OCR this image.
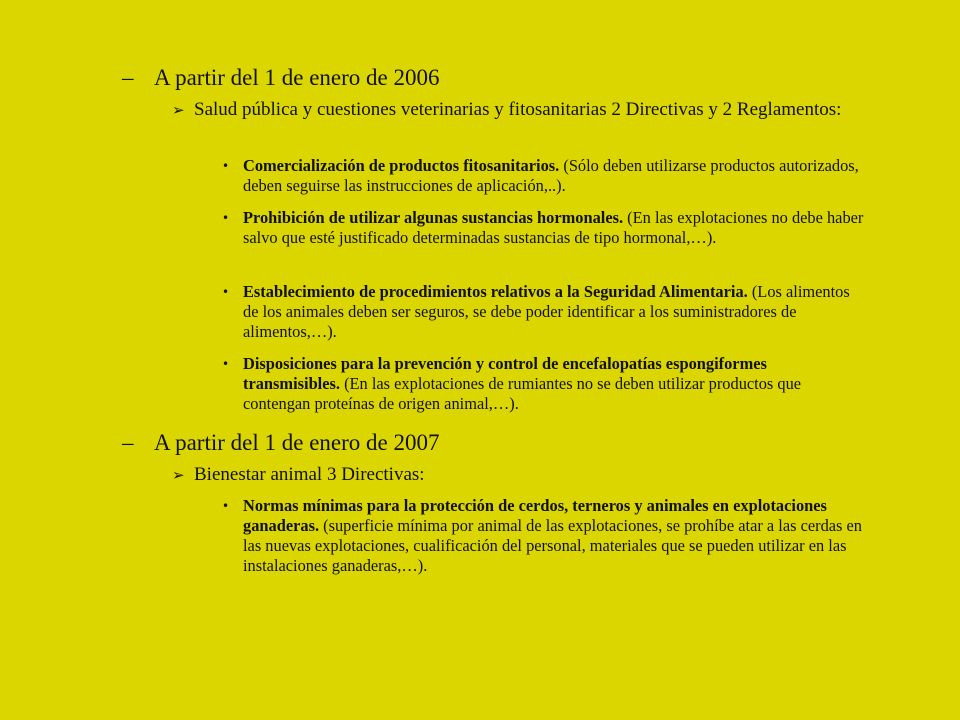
– A partir del 1 de enero de 2006
➢ Salud pública y cuestiones veterinarias y fitosanitarias 2 Directivas y 2 Reglamentos:
• Comercialización de productos fitosanitarios. (Sólo deben utilizarse productos autorizados, deben seguirse las instrucciones de aplicación,..).
• Prohibición de utilizar algunas sustancias hormonales. (En las explotaciones no debe haber salvo que esté justificado determinadas sustancias de tipo hormonal,…).
• Establecimiento de procedimientos relativos a la Seguridad Alimentaria. (Los alimentos de los animales deben ser seguros, se debe poder identificar a los suministradores de alimentos,…).
• Disposiciones para la prevención y control de encefalopatías espongiformes transmisibles. (En las explotaciones de rumiantes no se deben utilizar productos que contengan proteínas de origen animal,…).
– A partir del 1 de enero de 2007
➢ Bienestar animal 3 Directivas:
• Normas mínimas para la protección de cerdos, terneros y animales en explotaciones ganaderas. (superficie mínima por animal de las explotaciones, se prohíbe atar a las cerdas en las nuevas explotaciones, cualificación del personal, materiales que se pueden utilizar en las instalaciones ganaderas,…).
